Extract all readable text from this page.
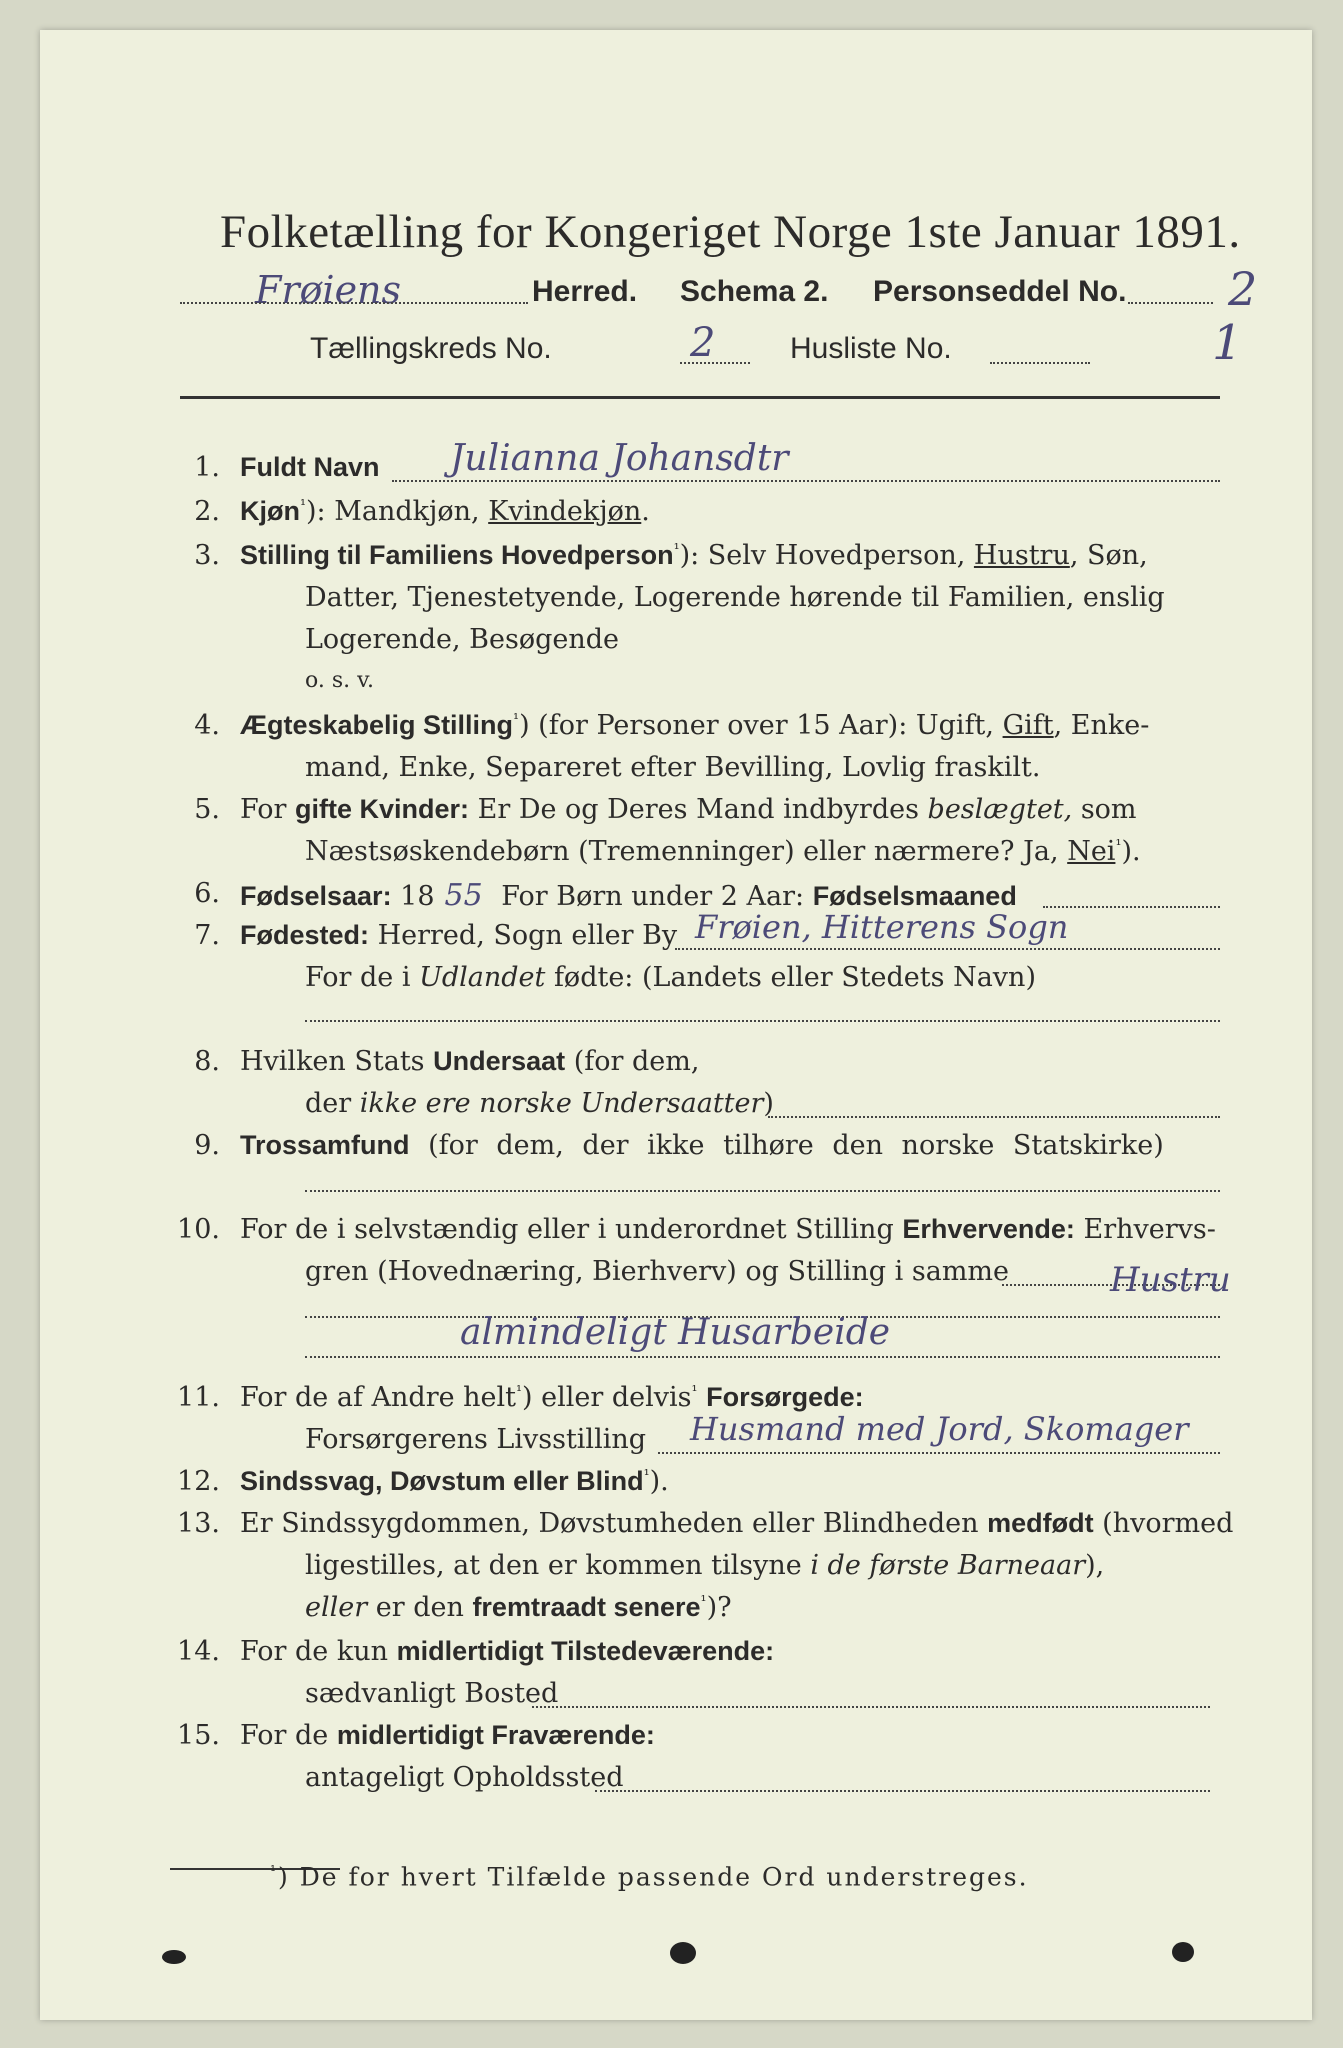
Folketælling for Kongeriget Norge 1ste Januar 1891.
Frøiens	Herred. Schema 2. Personseddel No. 2
Tællingskreds No.	2 Husliste No.	1
1. Fuldt Navn Julianna Johansdtr
2. Kjøn$^{^1}$): Mandkjøn, Kvindekjøn.
3. Stilling til Familiens Hovedperson$^{^1}$): Selv Hovedperson, Hustru, Søn,
Datter, Tjenestetyende, Logerende hørende til Familien, enslig
Logerende, Besøgende
o. s. v.
4. Ægteskabelig Stilling$^{^1}$) (for Personer over 15 Aar): Ugift, Gift, Enke-
mand, Enke, Separeret efter Bevilling, Lovlig fraskilt.
5. For gifte Kvinder: Er De og Deres Mand indbyrdes beslægtet, som
Næstsøskendebørn (Tremenninger) eller nærmere? Ja, Nei$^{^1}$).
6. Fødselsaar: 18 55 For Børn under 2 Aar: Fødselsmaaned
7. Fødested: Herred, Sogn eller By Frøien, Hitterens Sogn
For de i Udlandet fødte: (Landets eller Stedets Navn)
8. Hvilken Stats Undersaat (for dem,
der ikke ere norske Undersaatter)
9. Trossamfund (for dem, der ikke tilhøre den norske Statskirke)
10. For de i selvstændig eller i underordnet Stilling Erhvervende: Erhvervs-
gren (Hovednæring, Bierhverv) og Stilling i samme	Hustru
almindeligt Husarbeide
11. For de af Andre helt$^{^1}$) eller delvis$^{^1}$ Forsørgede:
Forsørgerens Livsstilling Husmand med Jord, Skomager
12. Sindssvag, Døvstum eller Blind$^{^1}$).
13. Er Sindssygdommen, Døvstumheden eller Blindheden medfødt (hvormed
ligestilles, at den er kommen tilsyne i de første Barneaar),
eller er den fremtraadt senere$^{^1}$)?
14. For de kun midlertidigt Tilstedeværende:
sædvanligt Bosted
15. For de midlertidigt Fraværende:
antageligt Opholdssted
$^{^1}$) De for hvert Tilfælde passende Ord understreges.
